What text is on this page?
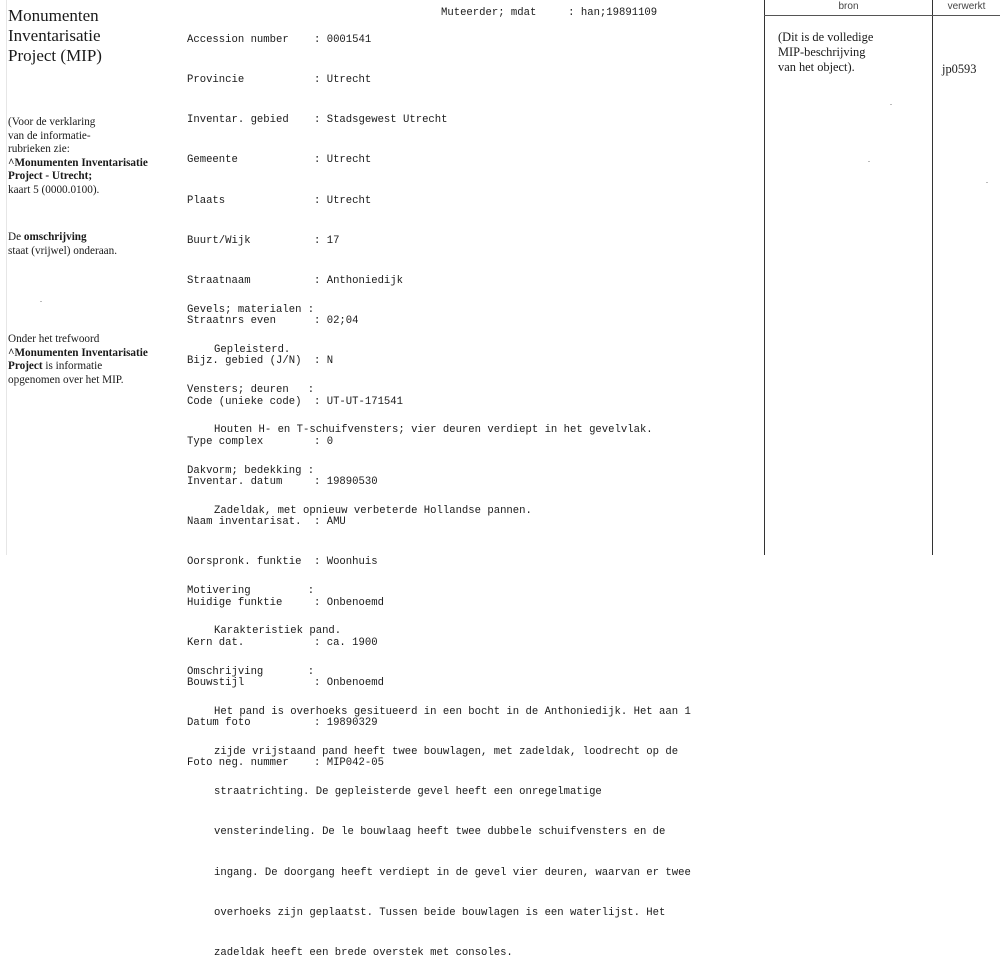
Monumenten
Inventarisatie
Project (MIP)
(Voor de verklaring
van de informatie-
rubrieken zie:
^Monumenten Inventarisatie
Project - Utrecht;
kaart 5 (0000.0100).
De omschrijving
staat (vrijwel) onderaan.
Onder het trefwoord
^Monumenten Inventarisatie
Project is informatie
opgenomen over het MIP.

Accession number	: 0001541

Provincie	: Utrecht

Inventar. gebied	: Stadsgewest Utrecht

Gemeente	: Utrecht

Plaats	: Utrecht

Buurt/Wijk	: 17

Straatnaam	: Anthoniedijk

Straatnrs even	: 02;04

Bijz. gebied (J/N)	: N

Code (unieke code)	: UT-UT-171541

Type complex	: 0

Inventar. datum	: 19890530

Naam inventarisat.	: AMU

Oorspronk. funktie	: Woonhuis

Huidige funktie	: Onbenoemd

Kern dat.	: ca. 1900

Bouwstijl	: Onbenoemd

Datum foto	: 19890329

Foto neg. nummer	: MIP042-05

Muteerder; mdat     : han;19891109

Gevels; materialen :

Gepleisterd.

Vensters; deuren   :

Houten H- en T-schuifvensters; vier deuren verdiept in het gevelvlak.

Dakvorm; bedekking :

Zadeldak, met opnieuw verbeterde Hollandse pannen.

Motivering         :

Karakteristiek pand.

Omschrijving       :

Het pand is overhoeks gesitueerd in een bocht in de Anthoniedijk. Het aan 1

zijde vrijstaand pand heeft twee bouwlagen, met zadeldak, loodrecht op de

straatrichting. De gepleisterde gevel heeft een onregelmatige

vensterindeling. De le bouwlaag heeft twee dubbele schuifvensters en de

ingang. De doorgang heeft verdiept in de gevel vier deuren, waarvan er twee

overhoeks zijn geplaatst. Tussen beide bouwlagen is een waterlijst. Het

zadeldak heeft een brede overstek met consoles.

bron	verwerkt
(Dit is de volledige
MIP-beschrijving
van het object).	jp0593
